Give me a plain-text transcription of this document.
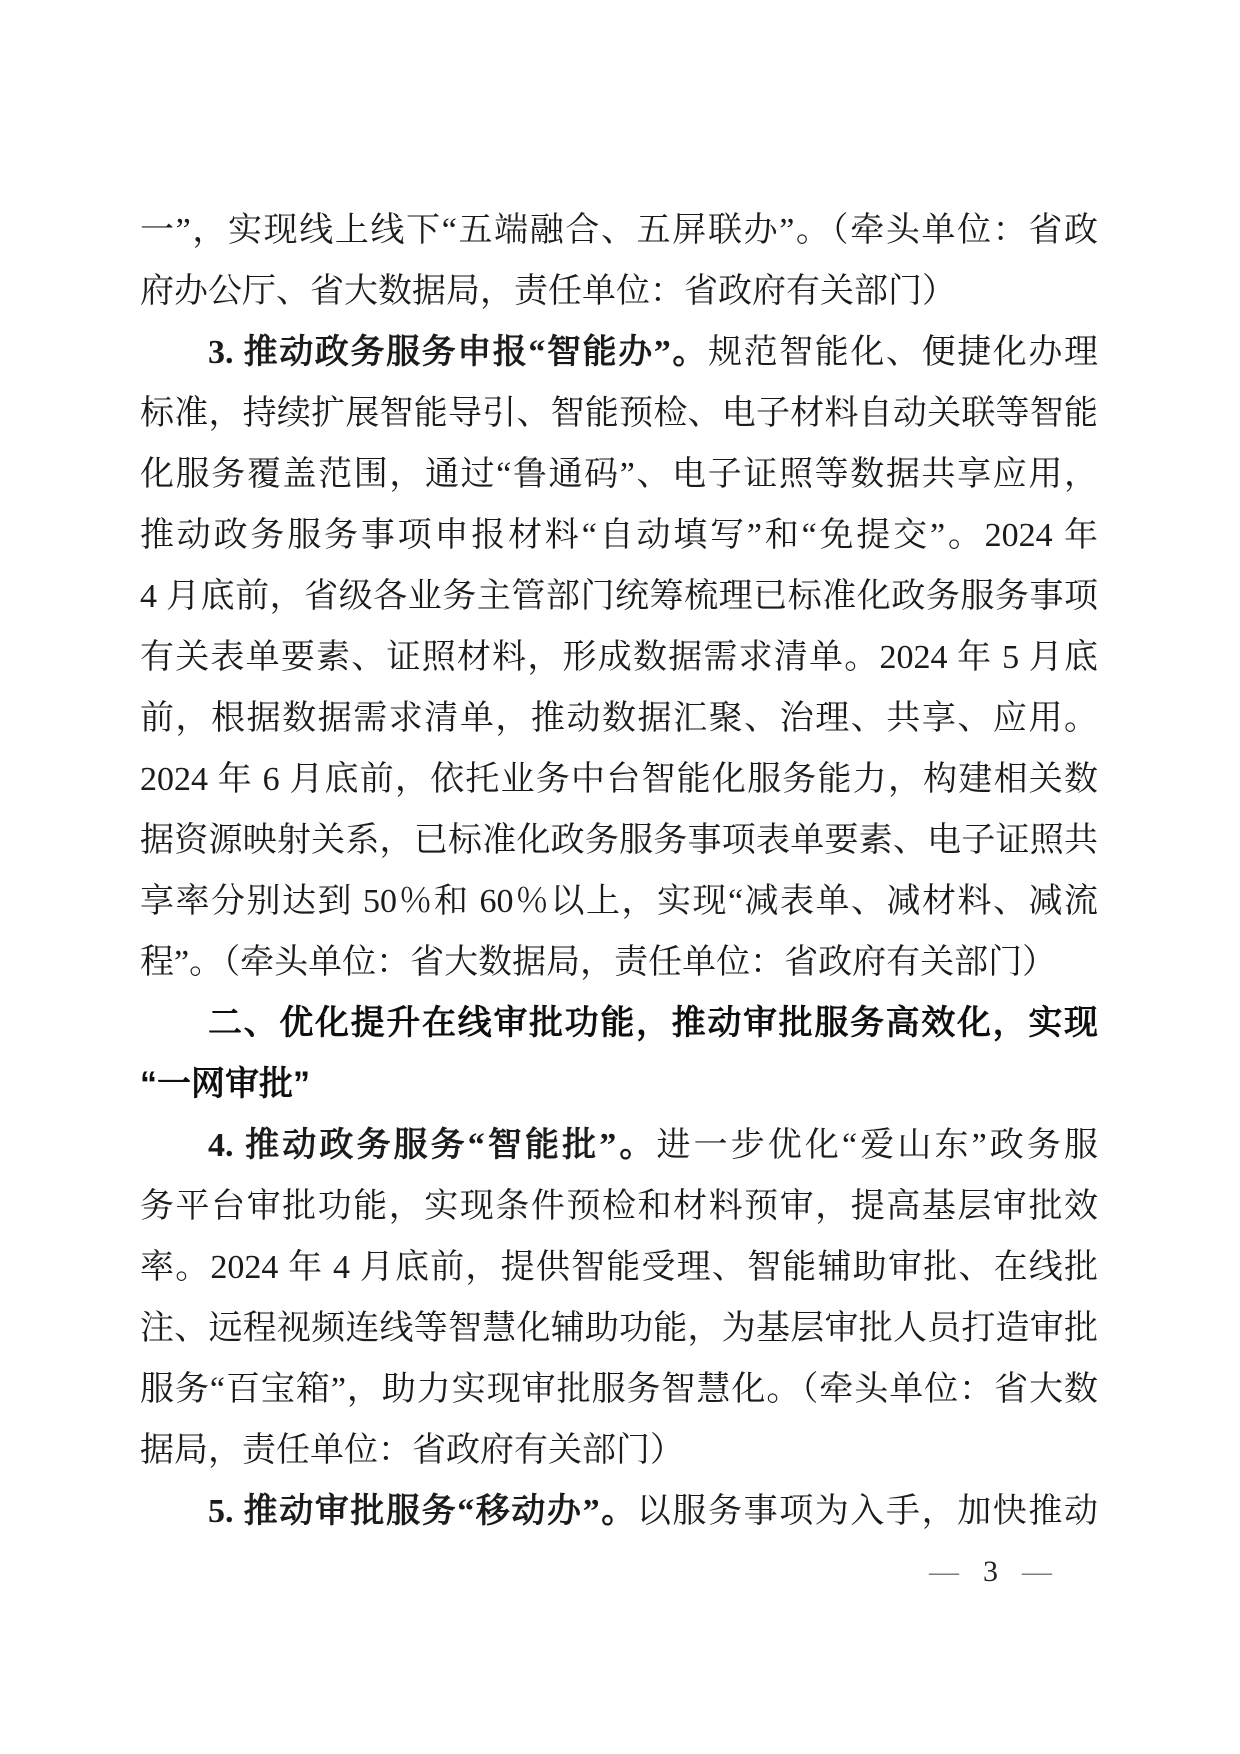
一”，实现线上线下“五端融合、五屏联办”。（牵头单位：省政
府办公厅、省大数据局，责任单位：省政府有关部门）
3. 推动政务服务申报“智能办”。规范智能化、便捷化办理
标准，持续扩展智能导引、智能预检、电子材料自动关联等智能
化服务覆盖范围，通过“鲁通码”、电子证照等数据共享应用，
推动政务服务事项申报材料“自动填写”和“免提交”。2024 年
4 月底前，省级各业务主管部门统筹梳理已标准化政务服务事项
有关表单要素、证照材料，形成数据需求清单。2024 年 5 月底
前，根据数据需求清单，推动数据汇聚、治理、共享、应用。
2024 年 6 月底前，依托业务中台智能化服务能力，构建相关数
据资源映射关系，已标准化政务服务事项表单要素、电子证照共
享率分别达到 50％和 60％以上，实现“减表单、减材料、减流
程”。（牵头单位：省大数据局，责任单位：省政府有关部门）
二、优化提升在线审批功能，推动审批服务高效化，实现
“一网审批”
4. 推动政务服务“智能批”。进一步优化“爱山东”政务服
务平台审批功能，实现条件预检和材料预审，提高基层审批效
率。2024 年 4 月底前，提供智能受理、智能辅助审批、在线批
注、远程视频连线等智慧化辅助功能，为基层审批人员打造审批
服务“百宝箱”，助力实现审批服务智慧化。（牵头单位：省大数
据局，责任单位：省政府有关部门）
5. 推动审批服务“移动办”。以服务事项为入手，加快推动
— 3 —
